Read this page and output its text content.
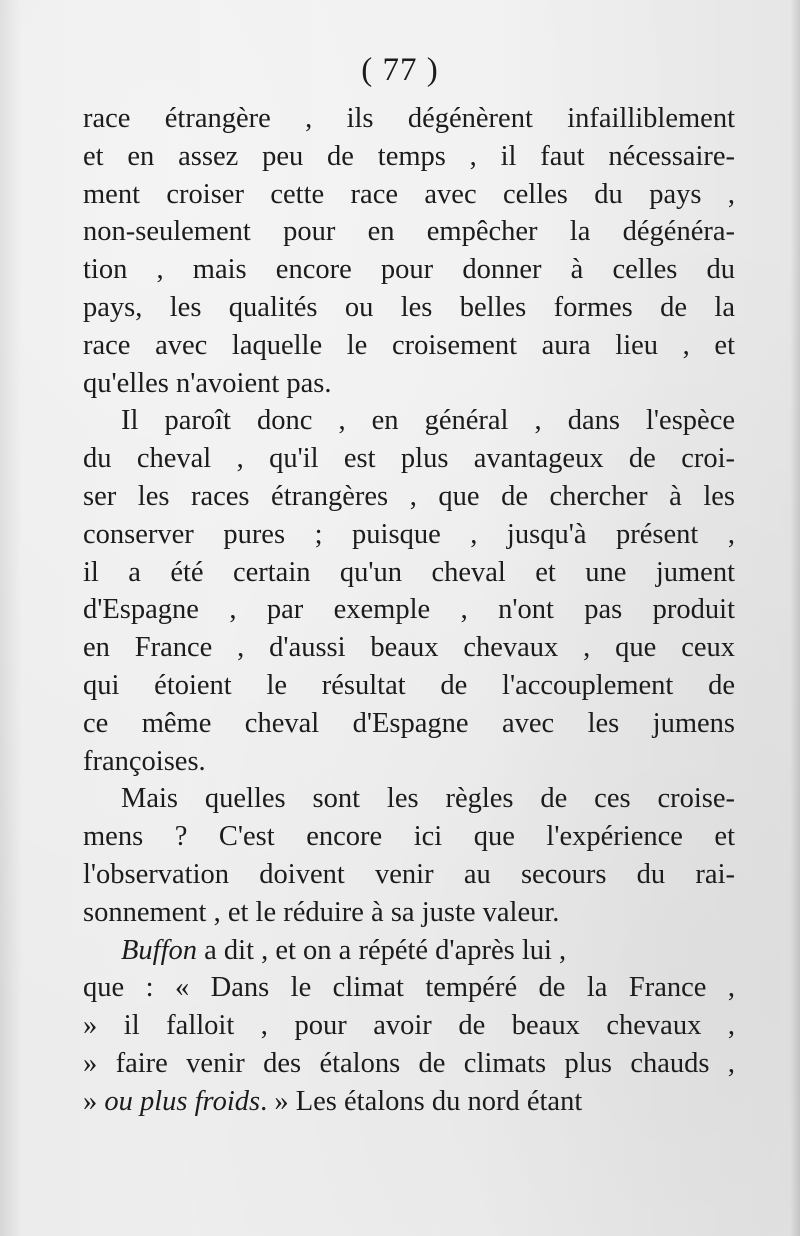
( 77 )
race étrangère , ils dégénèrent infailliblement
et en assez peu de temps , il faut nécessaire-
ment croiser cette race avec celles du pays ,
non-seulement pour en empêcher la dégénéra-
tion , mais encore pour donner à celles du
pays, les qualités ou les belles formes de la
race avec laquelle le croisement aura lieu , et
qu'elles n'avoient pas.
Il paroît donc , en général , dans l'espèce
du cheval , qu'il est plus avantageux de croi-
ser les races étrangères , que de chercher à les
conserver pures ; puisque , jusqu'à présent ,
il a été certain qu'un cheval et une jument
d'Espagne , par exemple , n'ont pas produit
en France , d'aussi beaux chevaux , que ceux
qui étoient le résultat de l'accouplement de
ce même cheval d'Espagne avec les jumens
françoises.
Mais quelles sont les règles de ces croise-
mens ? C'est encore ici que l'expérience et
l'observation doivent venir au secours du rai-
sonnement , et le réduire à sa juste valeur.
Buffon a dit , et on a répété d'après lui ,
que : « Dans le climat tempéré de la France ,
» il falloit , pour avoir de beaux chevaux ,
» faire venir des étalons de climats plus chauds ,
» ou plus froids. » Les étalons du nord étant
